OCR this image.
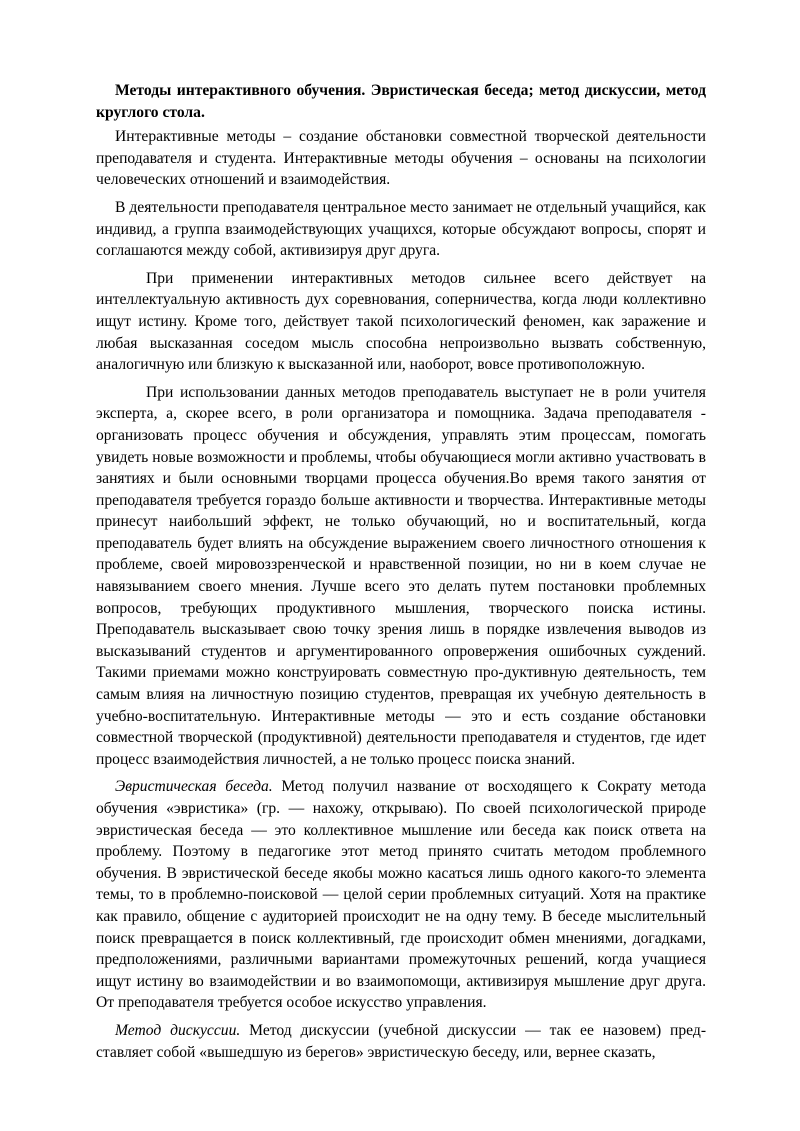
Методы интерактивного обучения. Эвристическая беседа; метод дискуссии, метод круглого стола.

Интерактивные методы – создание обстановки совместной творческой деятельности преподавателя и студента. Интерактивные методы обучения – основаны на психологии человеческих отношений и взаимодействия.

В деятельности преподавателя центральное место занимает не отдельный учащийся, как индивид, а группа взаимодействующих учащихся, которые обсуждают вопросы, спорят и соглашаются между собой, активизируя друг друга.

При применении интерактивных методов сильнее всего действует на интеллектуальную активность дух соревнования, соперничества, когда люди коллективно ищут истину. Кроме того, действует такой психологический феномен, как заражение и любая высказанная соседом мысль способна непроизвольно вызвать собственную, аналогичную или близкую к высказанной или, наоборот, вовсе противоположную.

При использовании данных методов преподаватель выступает не в роли учителя эксперта, а, скорее всего, в роли организатора и помощника. Задача преподавателя - организовать процесс обучения и обсуждения, управлять этим процессам, помогать увидеть новые возможности и проблемы, чтобы обучающиеся могли активно участвовать в занятиях и были основными творцами процесса обучения.Во время такого занятия от преподавателя требуется гораздо больше активности и творчества. Интерактивные методы принесут наибольший эффект, не только обучающий, но и воспитательный, когда преподаватель будет влиять на обсуждение выражением своего личностного отношения к проблеме, своей мировоззренческой и нравственной позиции, но ни в коем случае не навязыванием своего мнения. Лучше всего это делать путем постановки проблемных вопросов, требующих продуктивного мышления, творческого поиска истины. Преподаватель высказывает свою точку зрения лишь в порядке извлечения выводов из высказываний студентов и аргументированного опровержения ошибочных суждений. Такими приемами можно конструировать совместную про-дуктивную деятельность, тем самым влияя на личностную позицию студентов, превращая их учебную деятельность в учебно-воспитательную. Интерактивные методы — это и есть создание обстановки совместной творческой (продуктивной) деятельности преподавателя и студентов, где идет процесс взаимодействия личностей, а не только процесс поиска знаний.

Эвристическая беседа. Метод получил название от восходящего к Сократу метода обучения «эвристика» (гр. — нахожу, открываю). По своей психологической природе эвристическая беседа — это коллективное мышление или беседа как поиск ответа на проблему. Поэтому в педагогике этот метод принято считать методом проблемного обучения. В эвристической беседе якобы можно касаться лишь одного какого-то элемента темы, то в проблемно-поисковой — целой серии проблемных ситуаций. Хотя на практике как правило, общение с аудиторией происходит не на одну тему. В беседе мыслительный поиск превращается в поиск коллективный, где происходит обмен мнениями, догадками, предположениями, различными вариантами промежуточных решений, когда учащиеся ищут истину во взаимодействии и во взаимопомощи, активизируя мышление друг друга. От преподавателя требуется особое искусство управления.

Метод дискуссии. Метод дискуссии (учебной дискуссии — так ее назовем) пред-ставляет собой «вышедшую из берегов» эвристическую беседу, или, вернее сказать,
